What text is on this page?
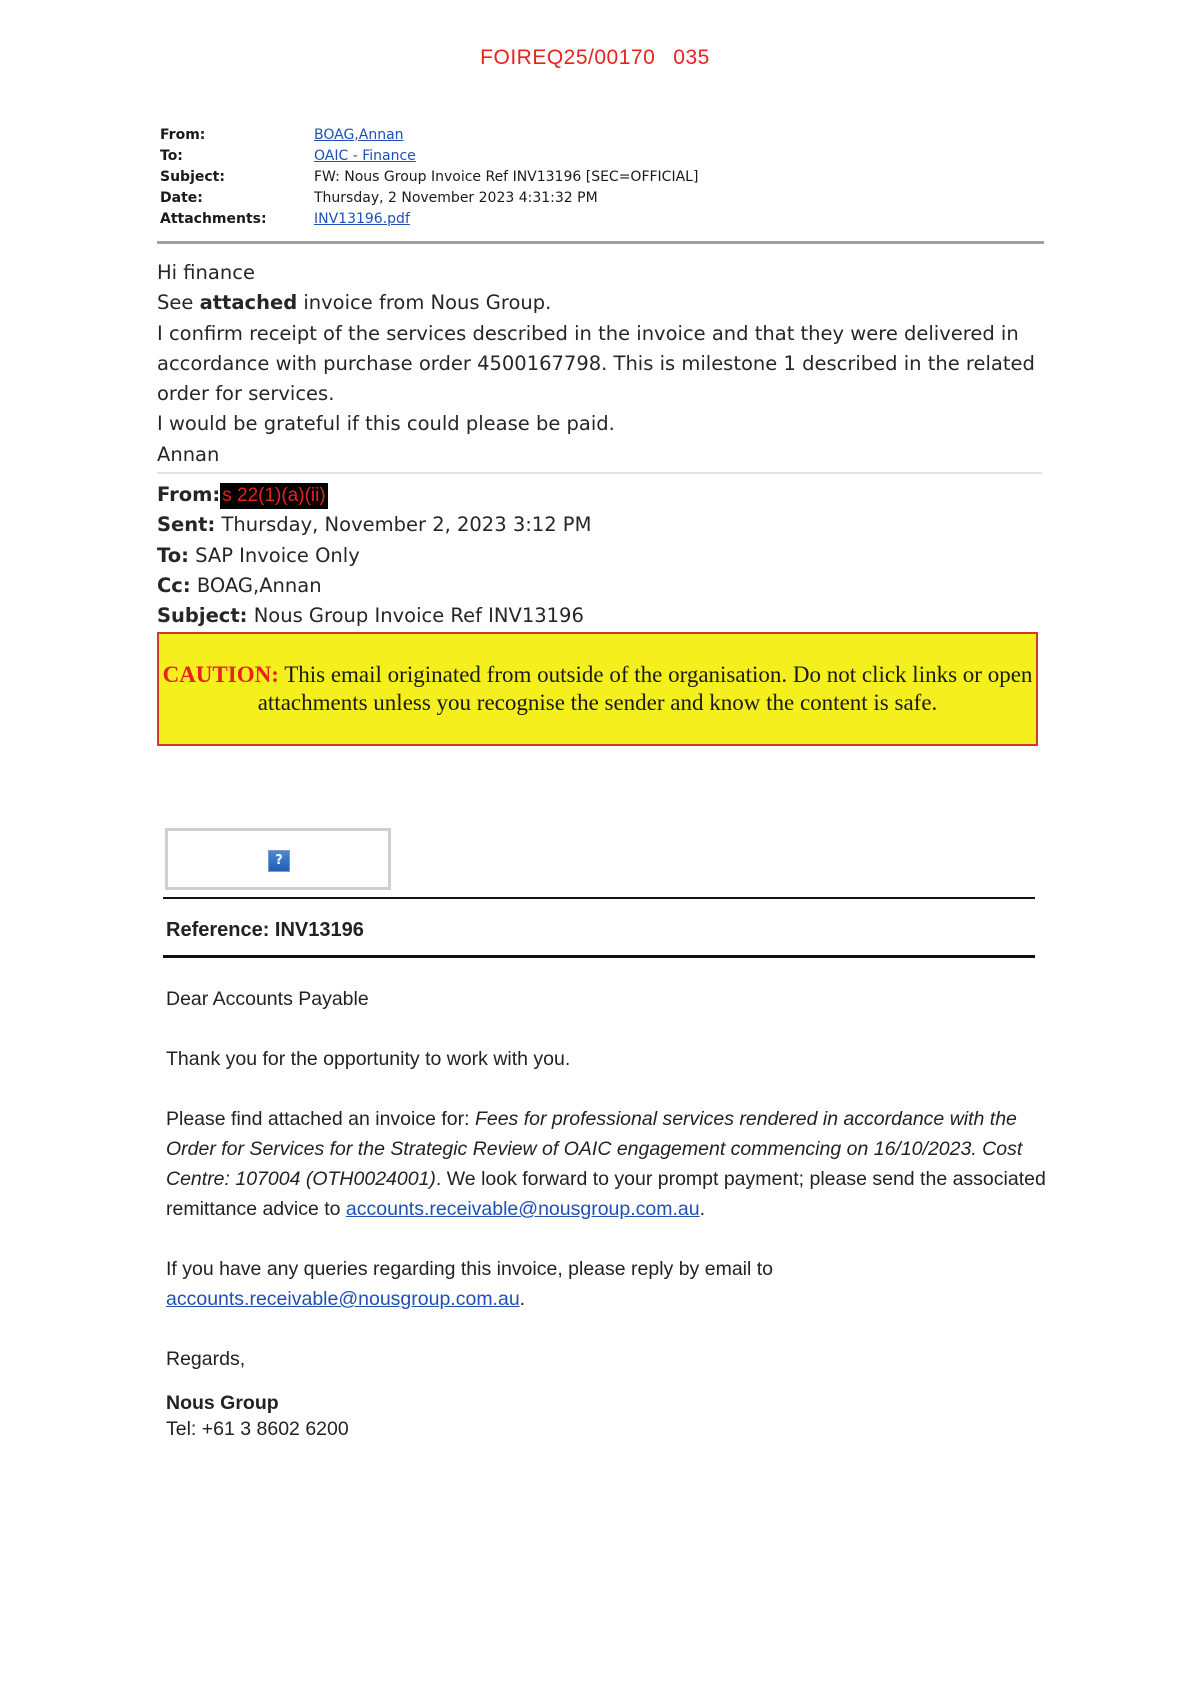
FOIREQ25/00170 035
From:	BOAG,Annan
To:	OAIC - Finance
Subject:	FW: Nous Group Invoice Ref INV13196 [SEC=OFFICIAL]
Date:	Thursday, 2 November 2023 4:31:32 PM
Attachments:	INV13196.pdf

Hi finance

See attached invoice from Nous Group.

I confirm receipt of the services described in the invoice and that they were delivered in accordance with purchase order 4500167798. This is milestone 1 described in the related order for services.

I would be grateful if this could please be paid.

Annan

From: s 22(1)(a)(ii)
Sent: Thursday, November 2, 2023 3:12 PM
To: SAP Invoice Only
Cc: BOAG,Annan
Subject: Nous Group Invoice Ref INV13196
CAUTION: This email originated from outside of the organisation. Do not click links or open attachments unless you recognise the sender and know the content is safe.
?
Reference: INV13196

Dear Accounts Payable

Thank you for the opportunity to work with you.

Please find attached an invoice for: Fees for professional services rendered in accordance with the Order for Services for the Strategic Review of OAIC engagement commencing on 16/10/2023. Cost Centre: 107004 (OTH0024001). We look forward to your prompt payment; please send the associated remittance advice to accounts.receivable@nousgroup.com.au.

If you have any queries regarding this invoice, please reply by email to
accounts.receivable@nousgroup.com.au.

Regards,

Nous Group

Tel: +61 3 8602 6200
